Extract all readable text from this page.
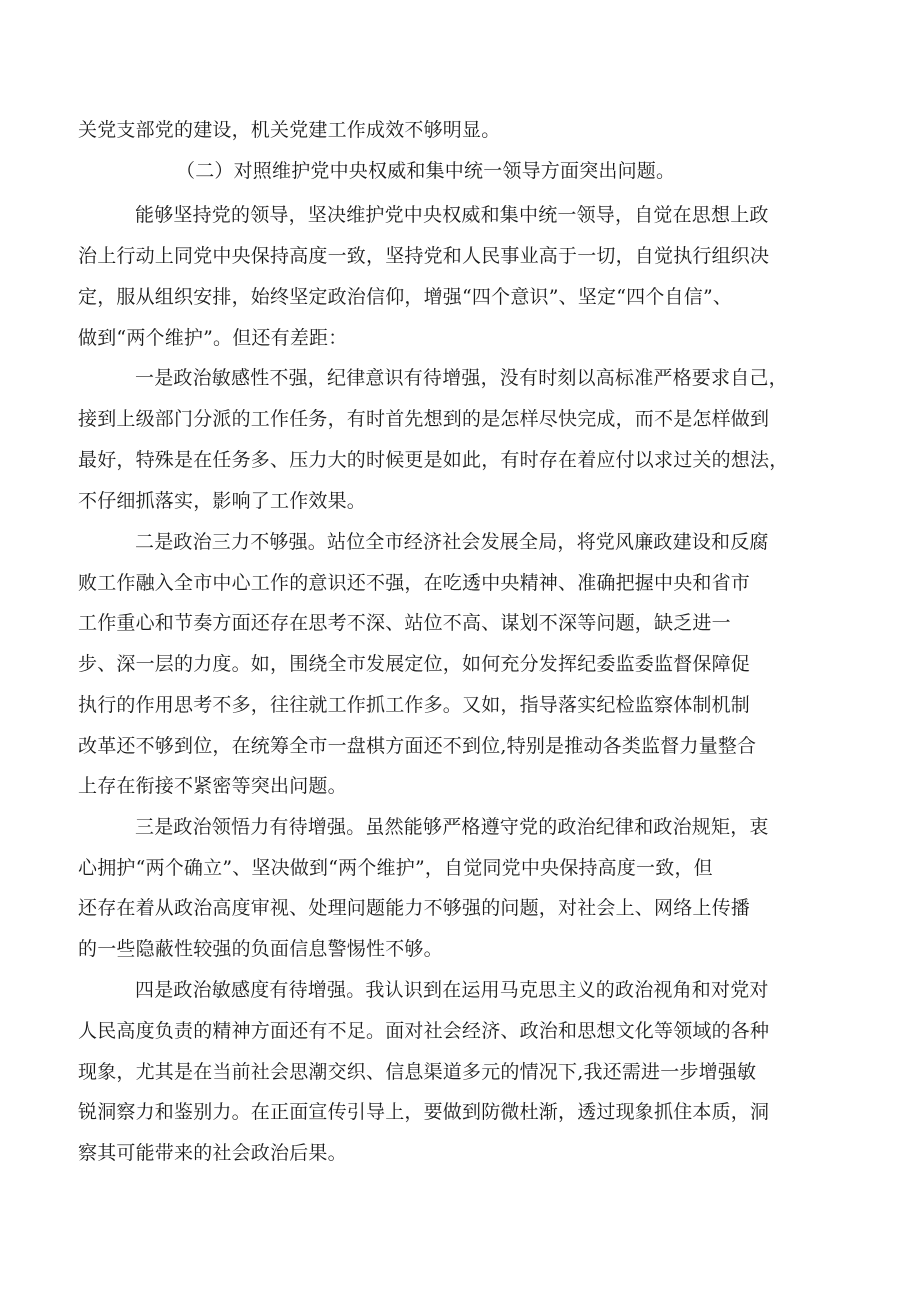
关党支部党的建设，机关党建工作成效不够明显。
（二）对照维护党中央权威和集中统一领导方面突出问题。
能够坚持党的领导，坚决维护党中央权威和集中统一领导，自觉在思想上政
治上行动上同党中央保持高度一致，坚持党和人民事业高于一切，自觉执行组织决
定，服从组织安排，始终坚定政治信仰，增强“四个意识”、坚定“四个自信”、
做到“两个维护”。但还有差距：
一是政治敏感性不强，纪律意识有待增强，没有时刻以高标准严格要求自己，
接到上级部门分派的工作任务，有时首先想到的是怎样尽快完成，而不是怎样做到
最好，特殊是在任务多、压力大的时候更是如此，有时存在着应付以求过关的想法，
不仔细抓落实，影响了工作效果。
二是政治三力不够强。站位全市经济社会发展全局，将党风廉政建设和反腐
败工作融入全市中心工作的意识还不强，在吃透中央精神、准确把握中央和省市
工作重心和节奏方面还存在思考不深、站位不高、谋划不深等问题，缺乏进一
步、深一层的力度。如，围绕全市发展定位，如何充分发挥纪委监委监督保障促
执行的作用思考不多，往往就工作抓工作多。又如，指导落实纪检监察体制机制
改革还不够到位，在统筹全市一盘棋方面还不到位,特别是推动各类监督力量整合
上存在衔接不紧密等突出问题。
三是政治领悟力有待增强。虽然能够严格遵守党的政治纪律和政治规矩，衷
心拥护“两个确立”、坚决做到“两个维护”，自觉同党中央保持高度一致，但
还存在着从政治高度审视、处理问题能力不够强的问题，对社会上、网络上传播
的一些隐蔽性较强的负面信息警惕性不够。
四是政治敏感度有待增强。我认识到在运用马克思主义的政治视角和对党对
人民高度负责的精神方面还有不足。面对社会经济、政治和思想文化等领域的各种
现象，尤其是在当前社会思潮交织、信息渠道多元的情况下,我还需进一步增强敏
锐洞察力和鉴别力。在正面宣传引导上，要做到防微杜渐，透过现象抓住本质，洞
察其可能带来的社会政治后果。
